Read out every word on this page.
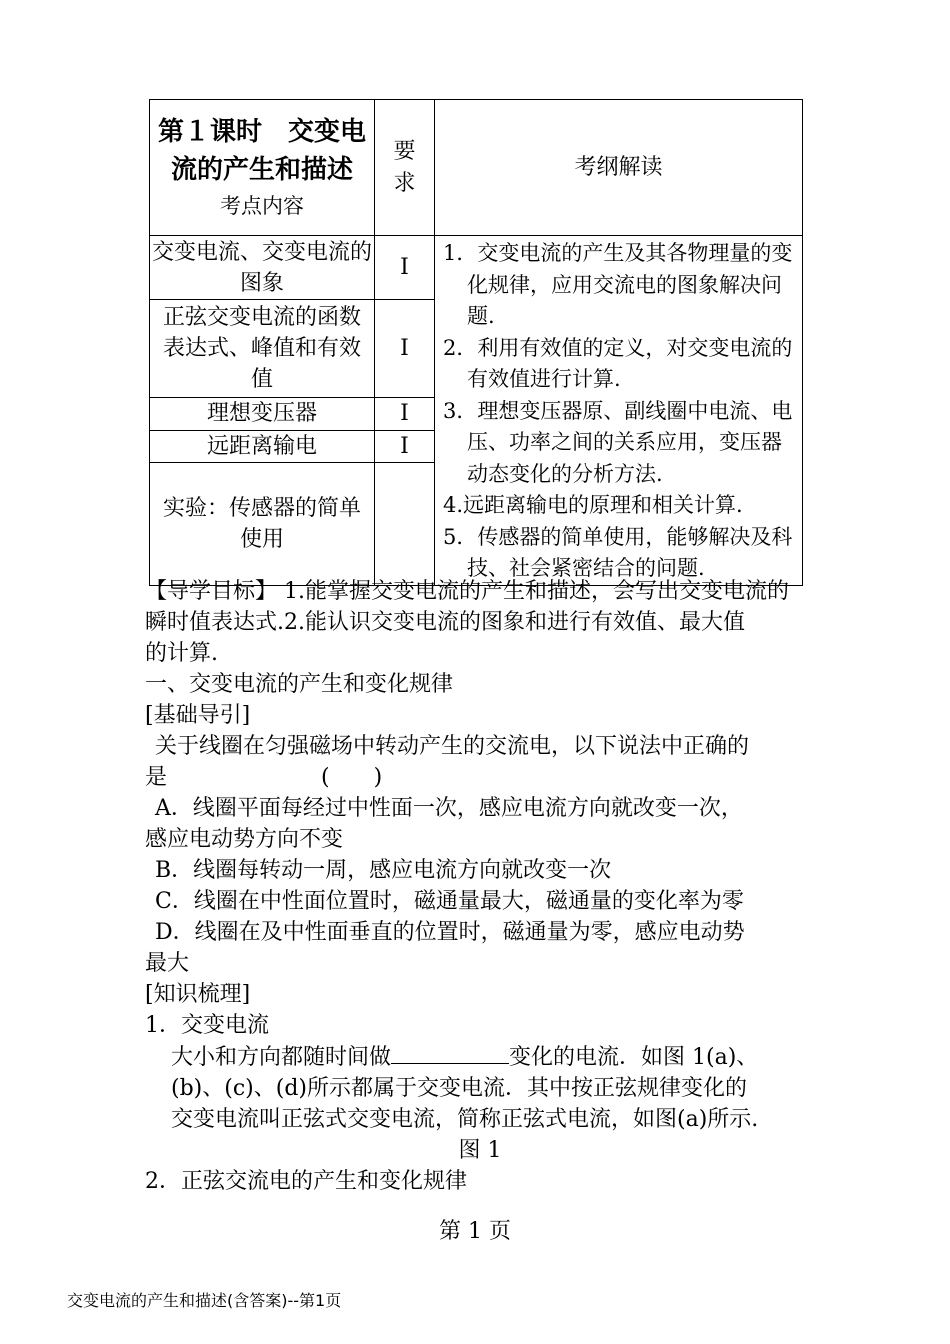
第１课时　交变电流的产生和描述
考点内容	要求	考纲解读
交变电流、交变电流的图象	Ⅰ	1．交变电流的产生及其各物理量的变化规律，应用交流电的图象解决问题.
2．利用有效值的定义，对交变电流的有效值进行计算.
3．理想变压器原、副线圈中电流、电压、功率之间的关系应用，变压器动态变化的分析方法.
4.远距离输电的原理和相关计算.
5．传感器的简单使用，能够解决及科技、社会紧密结合的问题.

正弦交变电流的函数表达式、峰值和有效值	Ⅰ	
理想变压器	Ⅰ	
远距离输电	Ⅰ	
实验：传感器的简单使用		
【导学目标】 1.能掌握交变电流的产生和描述，会写出交变电流的
瞬时值表达式.2.能认识交变电流的图象和进行有效值、最大值
的计算.
一、交变电流的产生和变化规律
[基础导引]
关于线圈在匀强磁场中转动产生的交流电，以下说法中正确的
是　　　　　　　(　　)
A．线圈平面每经过中性面一次，感应电流方向就改变一次，
感应电动势方向不变
B．线圈每转动一周，感应电流方向就改变一次
C．线圈在中性面位置时，磁通量最大，磁通量的变化率为零
D．线圈在及中性面垂直的位置时，磁通量为零，感应电动势
最大
[知识梳理]
1．交变电流
大小和方向都随时间做	变化的电流．如图 1(a)、
(b)、(c)、(d)所示都属于交变电流．其中按正弦规律变化的
交变电流叫正弦式交变电流，简称正弦式电流，如图(a)所示.
图 1
2．正弦交流电的产生和变化规律
第 1 页
交变电流的产生和描述(含答案)--第1页
